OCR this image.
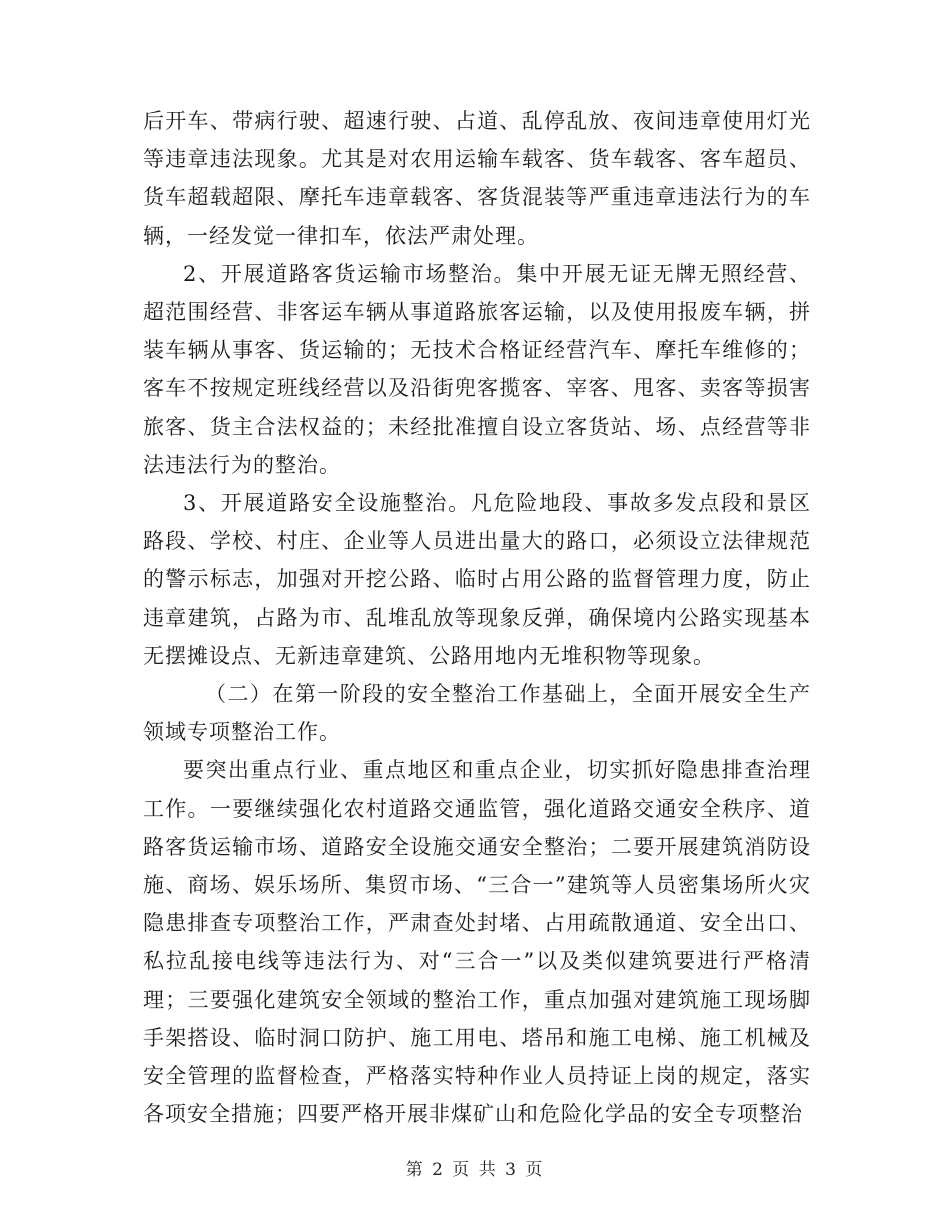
后开车、带病行驶、超速行驶、占道、乱停乱放、夜间违章使用灯光等违章违法现象。尤其是对农用运输车载客、货车载客、客车超员、货车超载超限、摩托车违章载客、客货混装等严重违章违法行为的车辆，一经发觉一律扣车，依法严肃处理。

2、开展道路客货运输市场整治。集中开展无证无牌无照经营、超范围经营、非客运车辆从事道路旅客运输，以及使用报废车辆，拼装车辆从事客、货运输的；无技术合格证经营汽车、摩托车维修的；客车不按规定班线经营以及沿街兜客揽客、宰客、甩客、卖客等损害旅客、货主合法权益的；未经批准擅自设立客货站、场、点经营等非法违法行为的整治。

3、开展道路安全设施整治。凡危险地段、事故多发点段和景区路段、学校、村庄、企业等人员进出量大的路口，必须设立法律规范的警示标志，加强对开挖公路、临时占用公路的监督管理力度，防止违章建筑，占路为市、乱堆乱放等现象反弹，确保境内公路实现基本无摆摊设点、无新违章建筑、公路用地内无堆积物等现象。

（二）在第一阶段的安全整治工作基础上，全面开展安全生产领域专项整治工作。

要突出重点行业、重点地区和重点企业，切实抓好隐患排查治理工作。一要继续强化农村道路交通监管，强化道路交通安全秩序、道路客货运输市场、道路安全设施交通安全整治；二要开展建筑消防设施、商场、娱乐场所、集贸市场、“三合一”建筑等人员密集场所火灾隐患排查专项整治工作，严肃查处封堵、占用疏散通道、安全出口、私拉乱接电线等违法行为、对“三合一”以及类似建筑要进行严格清理；三要强化建筑安全领域的整治工作，重点加强对建筑施工现场脚手架搭设、临时洞口防护、施工用电、塔吊和施工电梯、施工机械及安全管理的监督检查，严格落实特种作业人员持证上岗的规定，落实各项安全措施；四要严格开展非煤矿山和危险化学品的安全专项整治

第 2 页 共 3 页
